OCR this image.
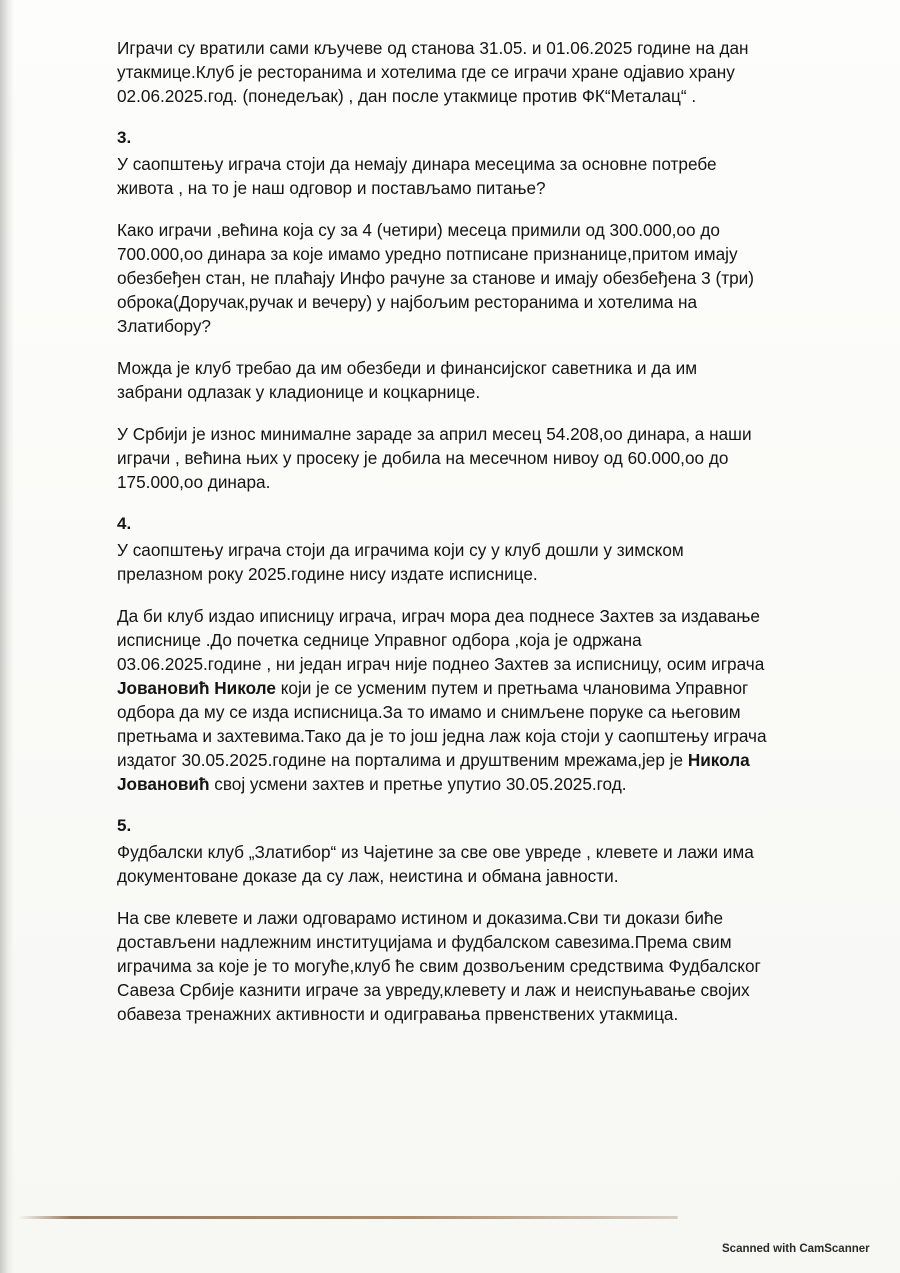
Играчи су вратили сами кључеве од станова 31.05. и 01.06.2025 године на дан
утакмице.Клуб је ресторанима и хотелима где се играчи хране одјавио храну
02.06.2025.год. (понедељак) , дан после утакмице против ФК“Металац“ .

3.

У саопштењу играча стоји да немају динара месецима за основне потребе
живота , на то је наш одговор и постављамо питање?

Како играчи ,већина која су за 4 (четири) месеца примили од 300.000,оо до
700.000,оо динара за које имамо уредно потписане признанице,притом имају
обезбеђен стан, не плаћају Инфо рачуне за станове и имају обезбеђена 3 (три)
оброка(Доручак,ручак и вечеру) у најбољим ресторанима и хотелима на
Златибору?

Можда је клуб требао да им обезбеди и финансијског саветника и да им
забрани одлазак у кладионице и коцкарнице.

У Србији је износ минималне зараде за април месец 54.208,оо динара, а наши
играчи , већина њих у просеку је добила на месечном нивоу од 60.000,оо до
175.000,оо динара.

4.

У саопштењу играча стоји да играчима који су у клуб дошли у зимском
прелазном року 2025.године нису издате исписнице.

Да би клуб издао иписницу играча, играч мора деа поднесе Захтев за издавање
исписнице .До почетка седнице Управног одбора ,која је одржана
03.06.2025.године , ни један играч није поднео Захтев за исписницу, осим играча
Јовановић Николе који је се усменим путем и претњама члановима Управног
одбора да му се изда исписница.За то имамо и снимљене поруке са његовим
претњама и захтевима.Тако да је то још једна лаж која стоји у саопштењу играча
издатог 30.05.2025.године на порталима и друштвеним мрежама,јер је Никола
Јовановић свој усмени захтев и претње упутио 30.05.2025.год.

5.

Фудбалски клуб „Златибор“ из Чајетине за све ове увреде , клевете и лажи има
документоване доказе да су лаж, неистина и обмана јавности.

На све клевете и лажи одговарамо истином и доказима.Сви ти докази биће
достављени надлежним институцијама и фудбалском савезима.Према свим
играчима за које је то могуће,клуб ће свим дозвољеним средствима Фудбалског
Савеза Србије казнити играче за увреду,клевету и лаж и неиспуњавање својих
обавеза тренажних активности и одигравања првенствених утакмица.

Scanned with CamScanner
